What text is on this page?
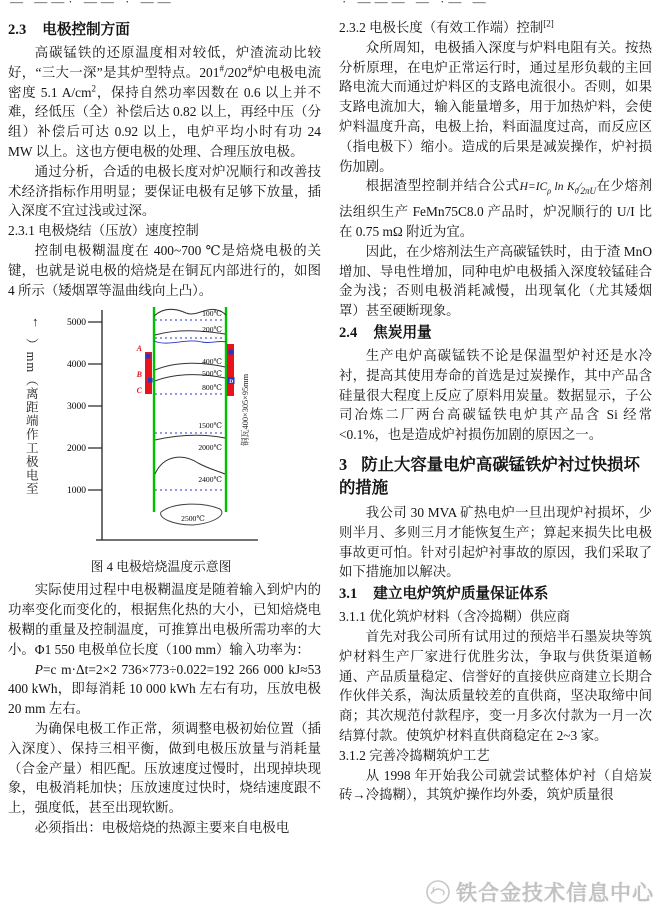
— ——· —— · ——	· ——— — ·— —
2.3 电极控制方面

高碳锰铁的还原温度相对较低，炉渣流动比较好，“三大一深”是其炉型特点。201#/202#炉电极电流密度 5.1 $A/cm^2$，保持自然功率因数在 0.6 以上并不难，经低压（全）补偿后达 0.82 以上，再经中压（分组）补偿后可达 0.92 以上，电炉平均小时有功 24 MW 以上。这也方便电极的处理、合理压放电极。

通过分析，合适的电极长度对炉况顺行和改善技术经济指标作用明显；要保证电极有足够下放量，插入深度不宜过浅或过深。

2.3.1 电极烧结（压放）速度控制

控制电极糊温度在 400~700 ℃是焙烧电极的关键，也就是说电极的焙烧是在铜瓦内部进行的，如图 4 所示（矮烟罩等温曲线向上凸）。

↑
）mm（离距端作工极电至
5000
4000
3000
2000
1000
100℃
200℃
400℃
500℃
800℃
1500℃
2000℃
2400℃
2500℃
A
B
C
D 铜瓦400×305×95mm
图 4 电极焙烧温度示意图

实际使用过程中电极糊温度是随着输入到炉内的功率变化而变化的，根据焦化热的大小，已知焙烧电极糊的重量及控制温度，可推算出电极所需功率的大小。Φ1 550 电极单位长度（100 mm）输入功率为：

P=c m·Δt=2×2 736×773÷0.022=192 266 000 kJ≈53 400 kWh，即每消耗 10 000 kWh 左右有功，压放电极 20 mm 左右。

为确保电极工作正常，须调整电极初始位置（插入深度）、保持三相平衡，做到电极压放量与消耗量（合金产量）相匹配。压放速度过慢时，出现掉块现象，电极消耗加快；压放速度过快时，烧结速度跟不上，强度低，甚至出现软断。

必须指出：电极焙烧的热源主要来自电极电

2.3.2 电极长度（有效工作端）控制[2]

众所周知，电极插入深度与炉料电阻有关。按热分析原理，在电炉正常运行时，通过星形负载的主回路电流大而通过炉料区的支路电流很小。否则，如果支路电流加大，输入能量增多，用于加热炉料，会使炉料温度升高，电极上抬，料面温度过高，而反应区（指电极下）缩小。造成的后果是减炭操作，炉衬损伤加剧。

根据渣型控制并结合公式$H=IC_\rho$ $\ln K_0⁄_{2\pi U}$在少熔剂法组织生产 FeMn75C8.0 产品时，炉况顺行的 U/I 比在 0.75 mΩ 附近为宜。

因此，在少熔剂法生产高碳锰铁时，由于渣 MnO 增加、导电性增加，同种电炉电极插入深度较锰硅合金为浅；否则电极消耗减慢，出现氧化（尤其矮烟罩）甚至硬断现象。

2.4 焦炭用量

生产电炉高碳锰铁不论是保温型炉衬还是水冷衬，提高其使用寿命的首选是过炭操作，其中产品含硅量很大程度上反应了原料用炭量。数据显示，子公司冶炼二厂两台高碳锰铁电炉其产品含 Si 经常<0.1%，也是造成炉衬损伤加剧的原因之一。

3 防止大容量电炉高碳锰铁炉衬过快损坏的措施

我公司 30 MVA 矿热电炉一旦出现炉衬损坏，少则半月、多则三月才能恢复生产；算起来损失比电极事故更可怕。针对引起炉衬事故的原因，我们采取了如下措施加以解决。

3.1 建立电炉筑炉质量保证体系

3.1.1 优化筑炉材料（含冷捣糊）供应商

首先对我公司所有试用过的预焙半石墨炭块等筑炉材料生产厂家进行优胜劣汰，争取与供货渠道畅通、产品质量稳定、信誉好的直接供应商建立长期合作伙伴关系，淘汰质量较差的直供商，坚决取缔中间商；其次规范付款程序，变一月多次付款为一月一次结算付款。使筑炉材料直供商稳定在 2~3 家。

3.1.2 完善冷捣糊筑炉工艺

从 1998 年开始我公司就尝试整体炉衬（自焙炭砖→冷捣糊），其筑炉操作均外委，筑炉质量很

铁合金技术信息中心
